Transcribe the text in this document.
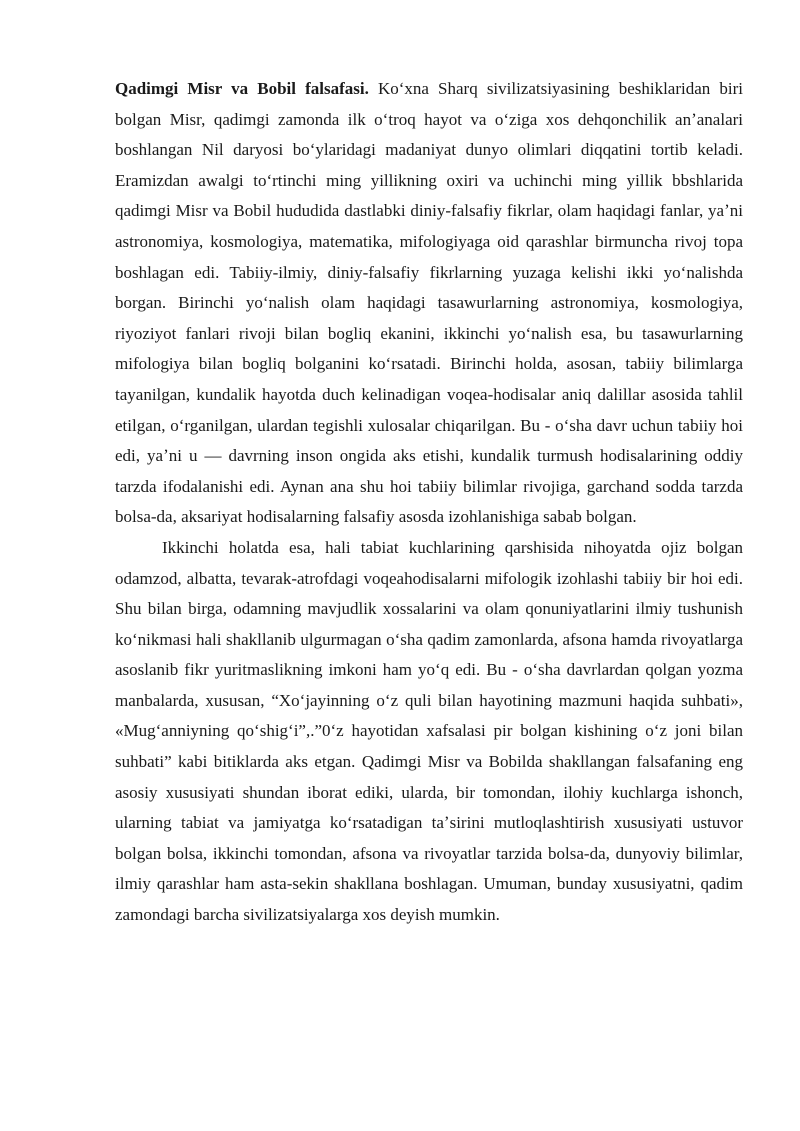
Qadimgi Misr va Bobil falsafasi. Koʻxna Sharq sivilizatsiyasining beshiklaridan biri bolgan Misr, qadimgi zamonda ilk oʻtroq hayot va oʻziga xos dehqonchilik anʼanalari boshlangan Nil daryosi boʻylaridagi madaniyat dunyo olimlari diqqatini tortib keladi. Eramizdan awalgi toʻrtinchi ming yillikning oxiri va uchinchi ming yillik bbshlarida qadimgi Misr va Bobil hududida dastlabki diniy-falsafiy fikrlar, olam haqidagi fanlar, yaʼni astronomiya, kosmologiya, matematika, mifologiyaga oid qarashlar birmuncha rivoj topa boshlagan edi. Tabiiy-ilmiy, diniy-falsafiy fikrlarning yuzaga kelishi ikki yoʻnalishda borgan. Birinchi yoʻnalish olam haqidagi tasawurlarning astronomiya, kosmologiya, riyoziyot fanlari rivoji bilan bogliq ekanini, ikkinchi yoʻnalish esa, bu tasawurlarning mifologiya bilan bogliq bolganini koʻrsatadi. Birinchi holda, asosan, tabiiy bilimlarga tayanilgan, kundalik hayotda duch kelinadigan voqea-hodisalar aniq dalillar asosida tahlil etilgan, oʻrganilgan, ulardan tegishli xulosalar chiqarilgan. Bu - oʻsha davr uchun tabiiy hoi edi, yaʼni u — davrning inson ongida aks etishi, kundalik turmush hodisalarining oddiy tarzda ifodalanishi edi. Aynan ana shu hoi tabiiy bilimlar rivojiga, garchand sodda tarzda bolsa-da, aksariyat hodisalarning falsafiy asosda izohlanishiga sabab bolgan.

Ikkinchi holatda esa, hali tabiat kuchlarining qarshisida nihoyatda ojiz bolgan odamzod, albatta, tevarak-atrofdagi voqeahodisalarni mifologik izohlashi tabiiy bir hoi edi. Shu bilan birga, odamning mavjudlik xossalarini va olam qonuniyatlarini ilmiy tushunish koʻnikmasi hali shakllanib ulgurmagan oʻsha qadim zamonlarda, afsona hamda rivoyatlarga asoslanib fikr yuritmaslikning imkoni ham yoʻq edi. Bu - oʻsha davrlardan qolgan yozma manbalarda, xususan, “Xoʻjayinning oʻz quli bilan hayotining mazmuni haqida suhbati», «Mugʻanniyning qoʻshigʻi”,.”0ʻz hayotidan xafsalasi pir bolgan kishining oʻz joni bilan suhbati” kabi bitiklarda aks etgan. Qadimgi Misr va Bobilda shakllangan falsafaning eng asosiy xususiyati shundan iborat ediki, ularda, bir tomondan, ilohiy kuchlarga ishonch, ularning tabiat va jamiyatga koʻrsatadigan taʼsirini mutloqlashtirish xususiyati ustuvor bolgan bolsa, ikkinchi tomondan, afsona va rivoyatlar tarzida bolsa-da, dunyoviy bilimlar, ilmiy qarashlar ham asta-sekin shakllana boshlagan. Umuman, bunday xususiyatni, qadim zamondagi barcha sivilizatsiyalarga xos deyish mumkin.
